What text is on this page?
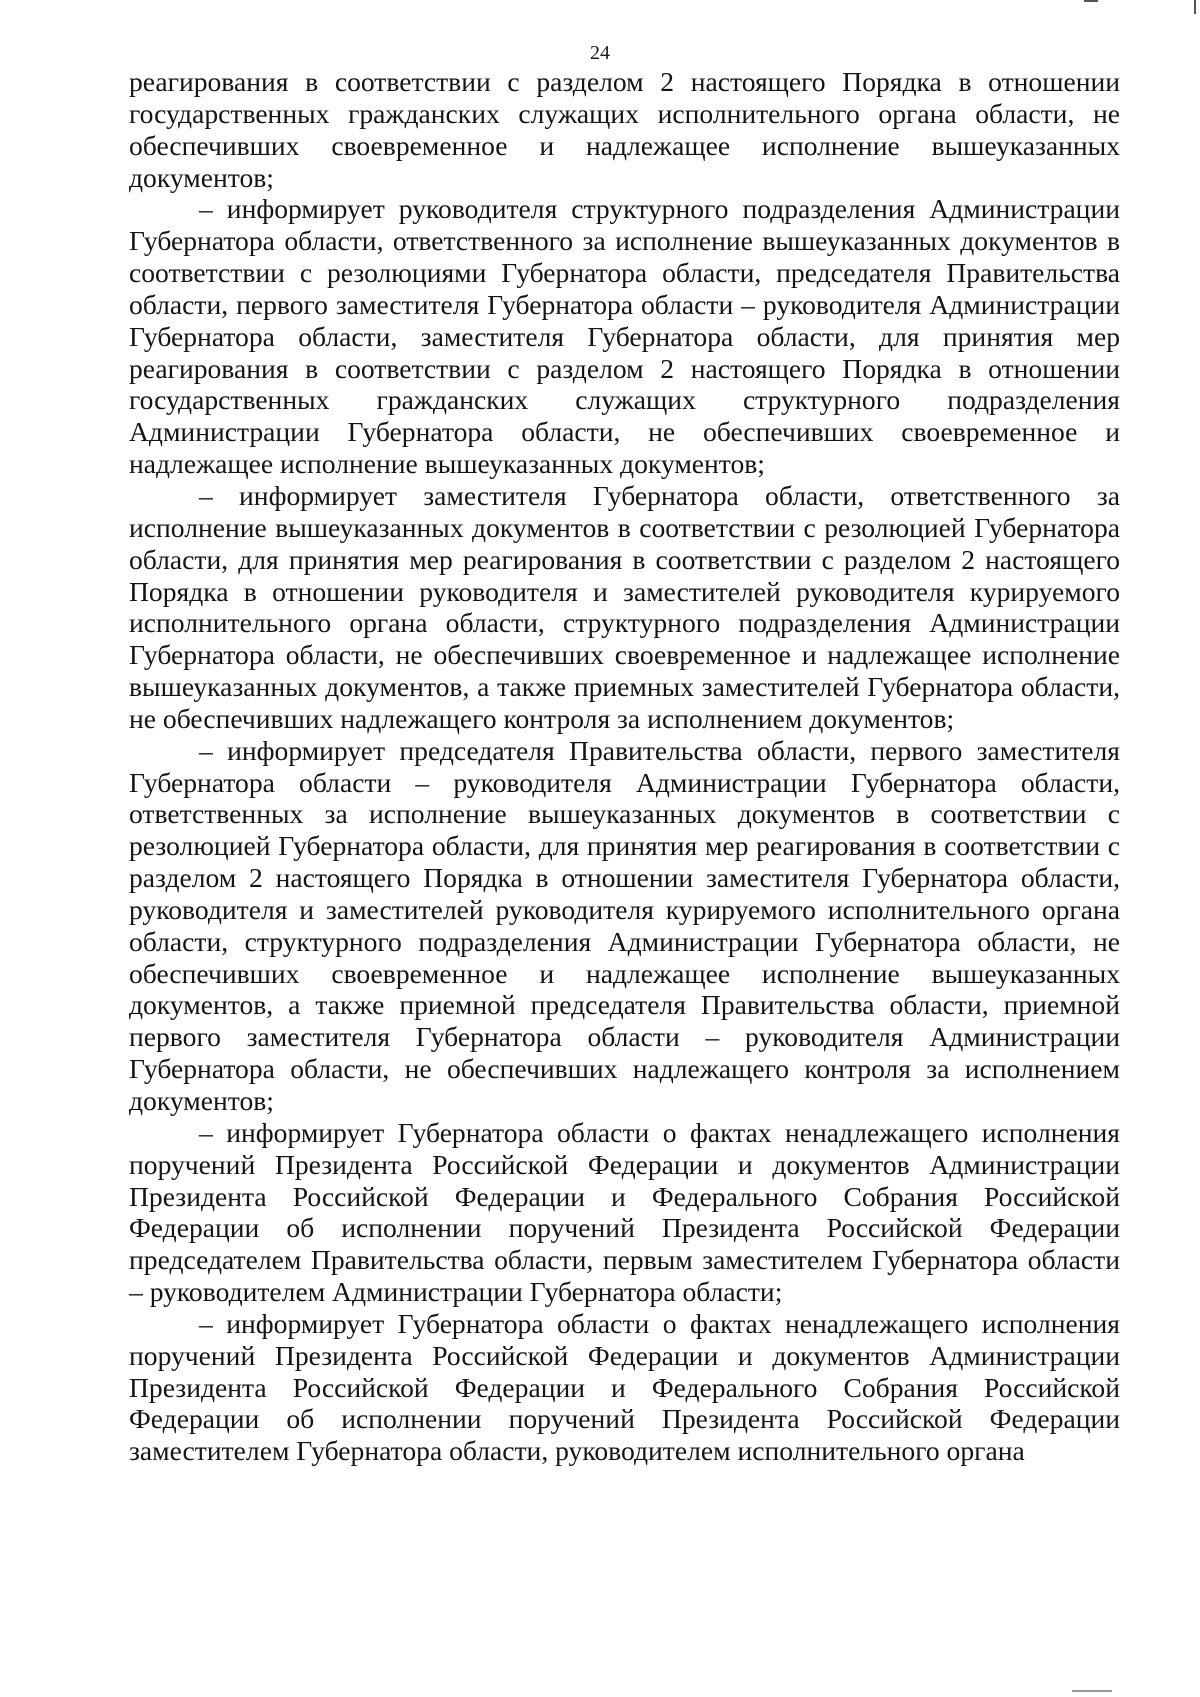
24

реагирования в соответствии с разделом 2 настоящего Порядка в отношении государственных гражданских служащих исполнительного органа области, не обеспечивших своевременное и надлежащее исполнение вышеуказанных документов;

– информирует руководителя структурного подразделения Администрации Губернатора области, ответственного за исполнение вышеуказанных документов в соответствии с резолюциями Губернатора области, председателя Правительства области, первого заместителя Губернатора области – руководителя Администрации Губернатора области, заместителя Губернатора области, для принятия мер реагирования в соответствии с разделом 2 настоящего Порядка в отношении государственных гражданских служащих структурного подразделения Администрации Губернатора области, не обеспечивших своевременное и надлежащее исполнение вышеуказанных документов;

– информирует заместителя Губернатора области, ответственного за исполнение вышеуказанных документов в соответствии с резолюцией Губернатора области, для принятия мер реагирования в соответствии с разделом 2 настоящего Порядка в отношении руководителя и заместителей руководителя курируемого исполнительного органа области, структурного подразделения Администрации Губернатора области, не обеспечивших своевременное и надлежащее исполнение вышеуказанных документов, а также приемных заместителей Губернатора области, не обеспечивших надлежащего контроля за исполнением документов;

– информирует председателя Правительства области, первого заместителя Губернатора области – руководителя Администрации Губернатора области, ответственных за исполнение вышеуказанных документов в соответствии с резолюцией Губернатора области, для принятия мер реагирования в соответствии с разделом 2 настоящего Порядка в отношении заместителя Губернатора области, руководителя и заместителей руководителя курируемого исполнительного органа области, структурного подразделения Администрации Губернатора области, не обеспечивших своевременное и надлежащее исполнение вышеуказанных документов, а также приемной председателя Правительства области, приемной первого заместителя Губернатора области – руководителя Администрации Губернатора области, не обеспечивших надлежащего контроля за исполнением документов;

– информирует Губернатора области о фактах ненадлежащего исполнения поручений Президента Российской Федерации и документов Администрации Президента Российской Федерации и Федерального Собрания Российской Федерации об исполнении поручений Президента Российской Федерации председателем Правительства области, первым заместителем Губернатора области – руководителем Администрации Губернатора области;

– информирует Губернатора области о фактах ненадлежащего исполнения поручений Президента Российской Федерации и документов Администрации Президента Российской Федерации и Федерального Собрания Российской Федерации об исполнении поручений Президента Российской Федерации заместителем Губернатора области, руководителем исполнительного органа
